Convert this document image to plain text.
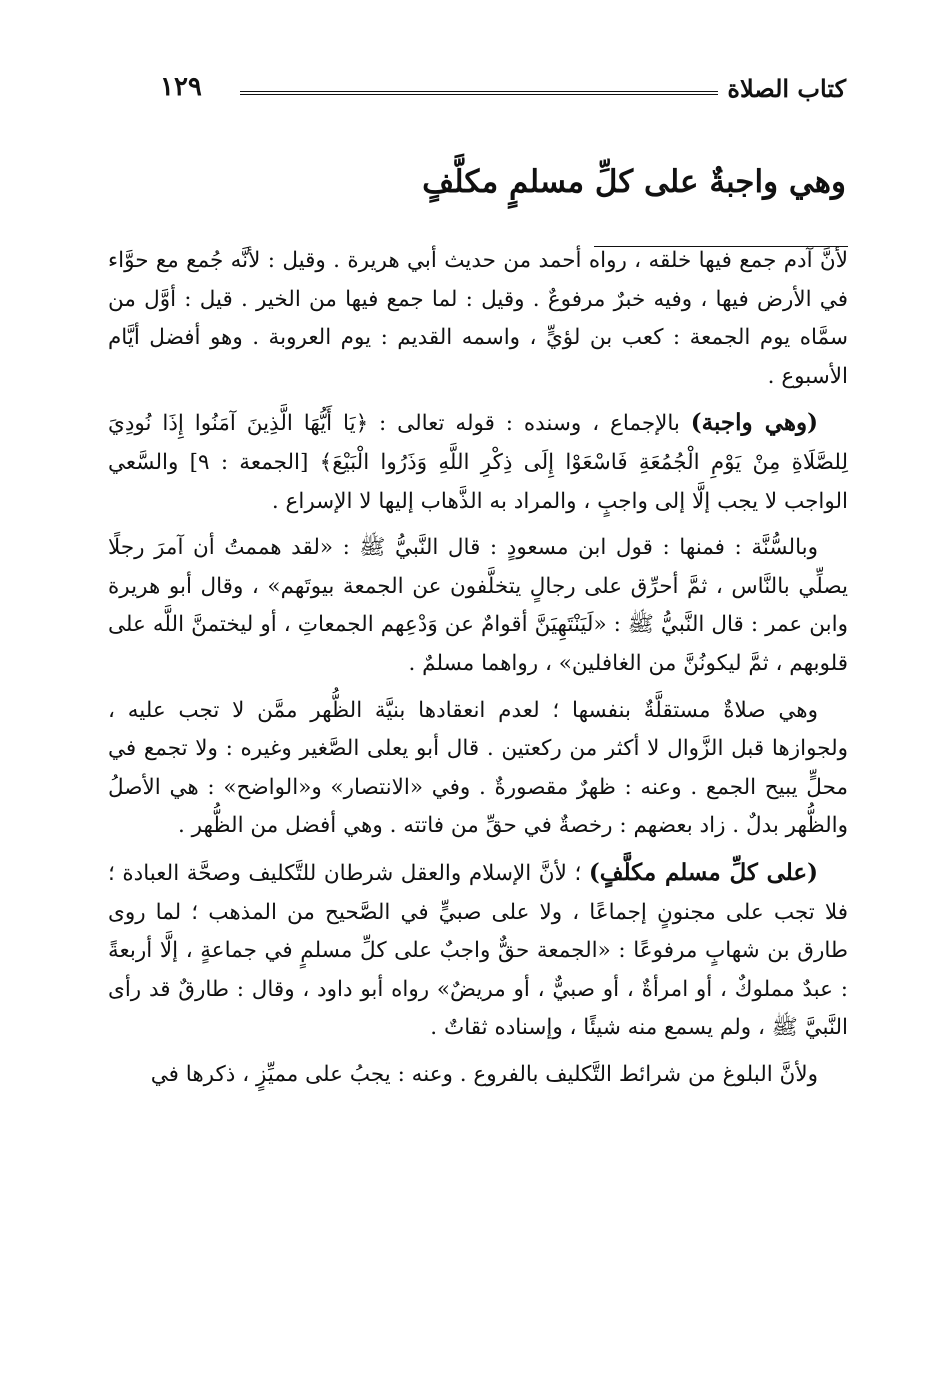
كتاب الصلاة
١٢٩
وهي واجبةٌ على كلِّ مسلمٍ مكلَّفٍ

لأنَّ آدم جمع فيها خلقه ، رواه أحمد من حديث أبي هريرة . وقيل : لأنَّه جُمع مع حوَّاء في الأرض فيها ، وفيه خبرٌ مرفوعٌ . وقيل : لما جمع فيها من الخير . قيل : أوَّل من سمَّاه يوم الجمعة : كعب بن لؤيٍّ ، واسمه القديم : يوم العروبة . وهو أفضل أيَّام الأسبوع .

(وهي واجبة) بالإجماع ، وسنده : قوله تعالى : ﴿يَا أَيُّهَا الَّذِينَ آمَنُوا إِذَا نُودِيَ لِلصَّلَاةِ مِنْ يَوْمِ الْجُمُعَةِ فَاسْعَوْا إِلَى ذِكْرِ اللَّهِ وَذَرُوا الْبَيْعَ﴾ [الجمعة : ٩] والسَّعي الواجب لا يجب إلَّا إلى واجبٍ ، والمراد به الذَّهاب إليها لا الإسراع .

وبالسُّنَّة : فمنها : قول ابن مسعودٍ : قال النَّبيُّ ﷺ : «لقد هممتُ أن آمرَ رجلًا يصلِّي بالنَّاس ، ثمَّ أحرِّق على رجالٍ يتخلَّفون عن الجمعة بيوتَهم» ، وقال أبو هريرة وابن عمر : قال النَّبيُّ ﷺ : «لَيَنْتَهِيَنَّ أقوامٌ عن وَدْعِهم الجمعاتِ ، أو ليختمنَّ اللَّه على قلوبهم ، ثمَّ ليكونُنَّ من الغافلين» ، رواهما مسلمٌ .

وهي صلاةٌ مستقلَّةٌ بنفسها ؛ لعدم انعقادها بنيَّة الظُّهر ممَّن لا تجب عليه ، ولجوازها قبل الزَّوال لا أكثر من ركعتين . قال أبو يعلى الصَّغير وغيره : ولا تجمع في محلٍّ يبيح الجمع . وعنه : ظهرٌ مقصورةٌ . وفي «الانتصار» و«الواضح» : هي الأصلُ والظُّهر بدلٌ . زاد بعضهم : رخصةٌ في حقِّ من فاتته . وهي أفضل من الظُّهر .

(على كلِّ مسلم مكلَّفٍ) ؛ لأنَّ الإسلام والعقل شرطان للتَّكليف وصحَّة العبادة ؛ فلا تجب على مجنونٍ إجماعًا ، ولا على صبيٍّ في الصَّحيح من المذهب ؛ لما روى طارق بن شهابٍ مرفوعًا : «الجمعة حقٌّ واجبٌ على كلِّ مسلمٍ في جماعةٍ ، إلَّا أربعةً : عبدٌ مملوكٌ ، أو امرأةٌ ، أو صبيٌّ ، أو مريضٌ» رواه أبو داود ، وقال : طارقٌ قد رأى النَّبيَّ ﷺ ، ولم يسمع منه شيئًا ، وإسناده ثقاتٌ .

ولأنَّ البلوغ من شرائط التَّكليف بالفروع . وعنه : يجبُ على مميِّزٍ ، ذكرها في
